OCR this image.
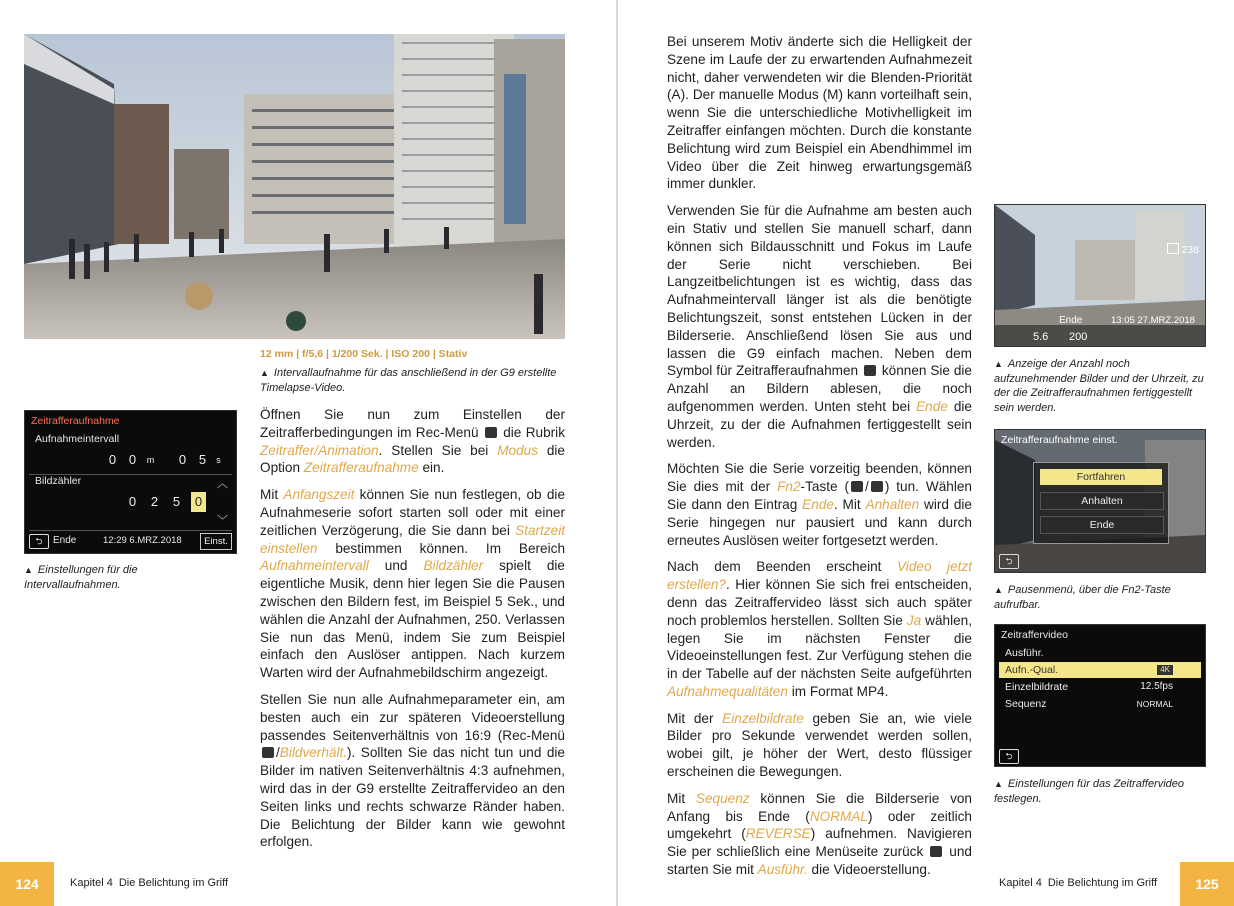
12 mm | f/5,6 | 1/200 Sek. | ISO 200 | Stativ
▲ Intervallaufnahme für das anschließend in der G9 erstellte Timelapse-Video.
Zeitrafferaufnahme
Aufnahmeintervall
0 0	m 0 5	s
Bildzähler	︿
0 2 5 0
﹀
⮌	Ende	12:29 6.MRZ.2018	Einst.
▲ Einstellungen für die Intervallaufnahmen.

Öffnen Sie nun zum Einstellen der Zeitrafferbedingungen im Rec-Menü  die Rubrik Zeitraffer/Animation. Stellen Sie bei Modus die Option Zeitrafferaufnahme ein.

Mit Anfangszeit können Sie nun festlegen, ob die Aufnahmeserie sofort starten soll oder mit einer zeitlichen Verzögerung, die Sie dann bei Startzeit einstellen bestimmen können. Im Bereich Aufnahmeintervall und Bildzähler spielt die eigentliche Musik, denn hier legen Sie die Pausen zwischen den Bildern fest, im Beispiel 5 Sek., und wählen die Anzahl der Aufnahmen, 250. Verlassen Sie nun das Menü, indem Sie zum Beispiel einfach den Auslöser antippen. Nach kurzem Warten wird der Aufnahmebildschirm angezeigt.

Stellen Sie nun alle Aufnahmeparameter ein, am besten auch ein zur späteren Videoerstellung passendes Seitenverhältnis von 16:9 (Rec-Menü /Bildverhält.). Sollten Sie das nicht tun und die Bilder im nativen Seitenverhältnis 4:3 aufnehmen, wird das in der G9 erstellte Zeitraffervideo an den Seiten links und rechts schwarze Ränder haben. Die Belichtung der Bilder kann wie gewohnt erfolgen.

124	Kapitel 4 Die Belichtung im Griff

Bei unserem Motiv änderte sich die Helligkeit der Szene im Laufe der zu erwartenden Aufnahmezeit nicht, daher verwendeten wir die Blenden-Priorität (A). Der manuelle Modus (M) kann vorteilhaft sein, wenn Sie die unterschiedliche Motivhelligkeit im Zeitraffer einfangen möchten. Durch die konstante Belichtung wird zum Beispiel ein Abendhimmel im Video über die Zeit hinweg erwartungsgemäß immer dunkler.

Verwenden Sie für die Aufnahme am besten auch ein Stativ und stellen Sie manuell scharf, dann können sich Bildausschnitt und Fokus im Laufe der Serie nicht verschieben. Bei Langzeitbelichtungen ist es wichtig, dass das Aufnahmeintervall länger ist als die benötigte Belichtungszeit, sonst entstehen Lücken in der Bilderserie. Anschließend lösen Sie aus und lassen die G9 einfach machen. Neben dem Symbol für Zeitrafferaufnahmen  können Sie die Anzahl an Bildern ablesen, die noch aufgenommen werden. Unten steht bei Ende die Uhrzeit, zu der die Aufnahmen fertiggestellt sein werden.

Möchten Sie die Serie vorzeitig beenden, können Sie dies mit der Fn2-Taste ( / ) tun. Wählen Sie dann den Eintrag Ende. Mit Anhalten wird die Serie hingegen nur pausiert und kann durch erneutes Auslösen weiter fortgesetzt werden.

Nach dem Beenden erscheint Video jetzt erstellen?. Hier können Sie sich frei entscheiden, denn das Zeitraffervideo lässt sich auch später noch problemlos herstellen. Sollten Sie Ja wählen, legen Sie im nächsten Fenster die Videoeinstellungen fest. Zur Verfügung stehen die in der Tabelle auf der nächsten Seite aufgeführten Aufnahmequalitäten im Format MP4.

Mit der Einzelbildrate geben Sie an, wie viele Bilder pro Sekunde verwendet werden sollen, wobei gilt, je höher der Wert, desto flüssiger erscheinen die Bewegungen.

Mit Sequenz können Sie die Bilderserie von Anfang bis Ende (NORMAL) oder zeitlich umgekehrt (REVERSE) aufnehmen. Navigieren Sie per schließlich eine Menüseite zurück  und starten Sie mit Ausführ. die Videoerstellung.

238
Ende	13:05 27.MRZ.2018
5.6 200
▲ Anzeige der Anzahl noch aufzunehmender Bilder und der Uhrzeit, zu der die Zeitrafferaufnahmen fertiggestellt sein werden.
Zeitrafferaufnahme einst.
Fortfahren
Anhalten
Ende
⮌
▲ Pausenmenü, über die Fn2-Taste aufrufbar.
Zeitraffervideo
Ausführ.
Aufn.-Qual.	4K
Einzelbildrate	12.5fps
Sequenz	NORMAL
⮌
▲ Einstellungen für das Zeitraffervideo festlegen.
Kapitel 4 Die Belichtung im Griff	125
